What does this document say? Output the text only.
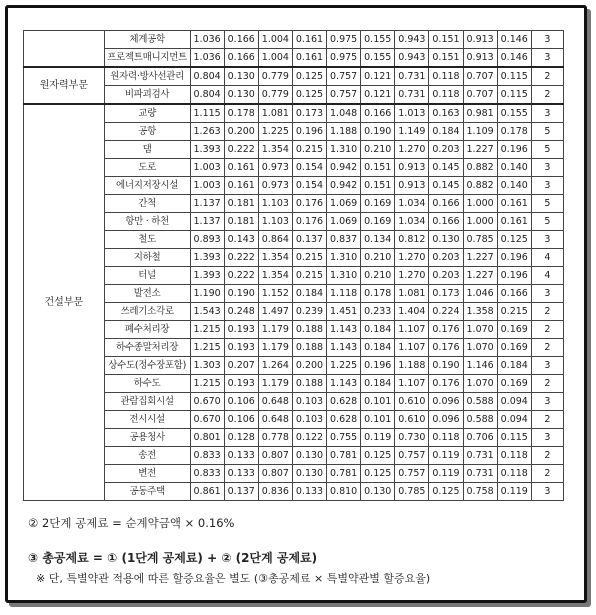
	체계공학	1.036	0.166	1.004	0.161	0.975	0.155	0.943	0.151	0.913	0.146	3
	프로젝트매니지먼트	1.036	0.166	1.004	0.161	0.975	0.155	0.943	0.151	0.913	0.146	3
원자력부문	원자력·방사선관리	0.804	0.130	0.779	0.125	0.757	0.121	0.731	0.118	0.707	0.115	2
	비파괴검사	0.804	0.130	0.779	0.125	0.757	0.121	0.731	0.118	0.707	0.115	2
건설부문	교량	1.115	0.178	1.081	0.173	1.048	0.166	1.013	0.163	0.981	0.155	3
	공항	1.263	0.200	1.225	0.196	1.188	0.190	1.149	0.184	1.109	0.178	5
	댐	1.393	0.222	1.354	0.215	1.310	0.210	1.270	0.203	1.227	0.196	5
	도로	1.003	0.161	0.973	0.154	0.942	0.151	0.913	0.145	0.882	0.140	3
	에너지저장시설	1.003	0.161	0.973	0.154	0.942	0.151	0.913	0.145	0.882	0.140	3
	간척	1.137	0.181	1.103	0.176	1.069	0.169	1.034	0.166	1.000	0.161	5
	항만 · 하천	1.137	0.181	1.103	0.176	1.069	0.169	1.034	0.166	1.000	0.161	5
	철도	0.893	0.143	0.864	0.137	0.837	0.134	0.812	0.130	0.785	0.125	3
	지하철	1.393	0.222	1.354	0.215	1.310	0.210	1.270	0.203	1.227	0.196	4
	터널	1.393	0.222	1.354	0.215	1.310	0.210	1.270	0.203	1.227	0.196	4
	발전소	1.190	0.190	1.152	0.184	1.118	0.178	1.081	0.173	1.046	0.166	3
	쓰레기소각로	1.543	0.248	1.497	0.239	1.451	0.233	1.404	0.224	1.358	0.215	2
	폐수처리장	1.215	0.193	1.179	0.188	1.143	0.184	1.107	0.176	1.070	0.169	2
	하수종말처리장	1.215	0.193	1.179	0.188	1.143	0.184	1.107	0.176	1.070	0.169	2
	상수도(정수장포함)	1.303	0.207	1.264	0.200	1.225	0.196	1.188	0.190	1.146	0.184	3
	하수도	1.215	0.193	1.179	0.188	1.143	0.184	1.107	0.176	1.070	0.169	2
	관람집회시설	0.670	0.106	0.648	0.103	0.628	0.101	0.610	0.096	0.588	0.094	3
	전시시설	0.670	0.106	0.648	0.103	0.628	0.101	0.610	0.096	0.588	0.094	2
	공용청사	0.801	0.128	0.778	0.122	0.755	0.119	0.730	0.118	0.706	0.115	3
	송전	0.833	0.133	0.807	0.130	0.781	0.125	0.757	0.119	0.731	0.118	2
	변전	0.833	0.133	0.807	0.130	0.781	0.125	0.757	0.119	0.731	0.118	2
	공동주택	0.861	0.137	0.836	0.133	0.810	0.130	0.785	0.125	0.758	0.119	3
② 2단계 공제료 = 순계약금액 × 0.16%
③ 총공제료 = ① (1단계 공제료) + ② (2단계 공제료)
※ 단, 특별약관 적용에 따른 할증요율은 별도 (③총공제료 × 특별약관별 할증요율)
